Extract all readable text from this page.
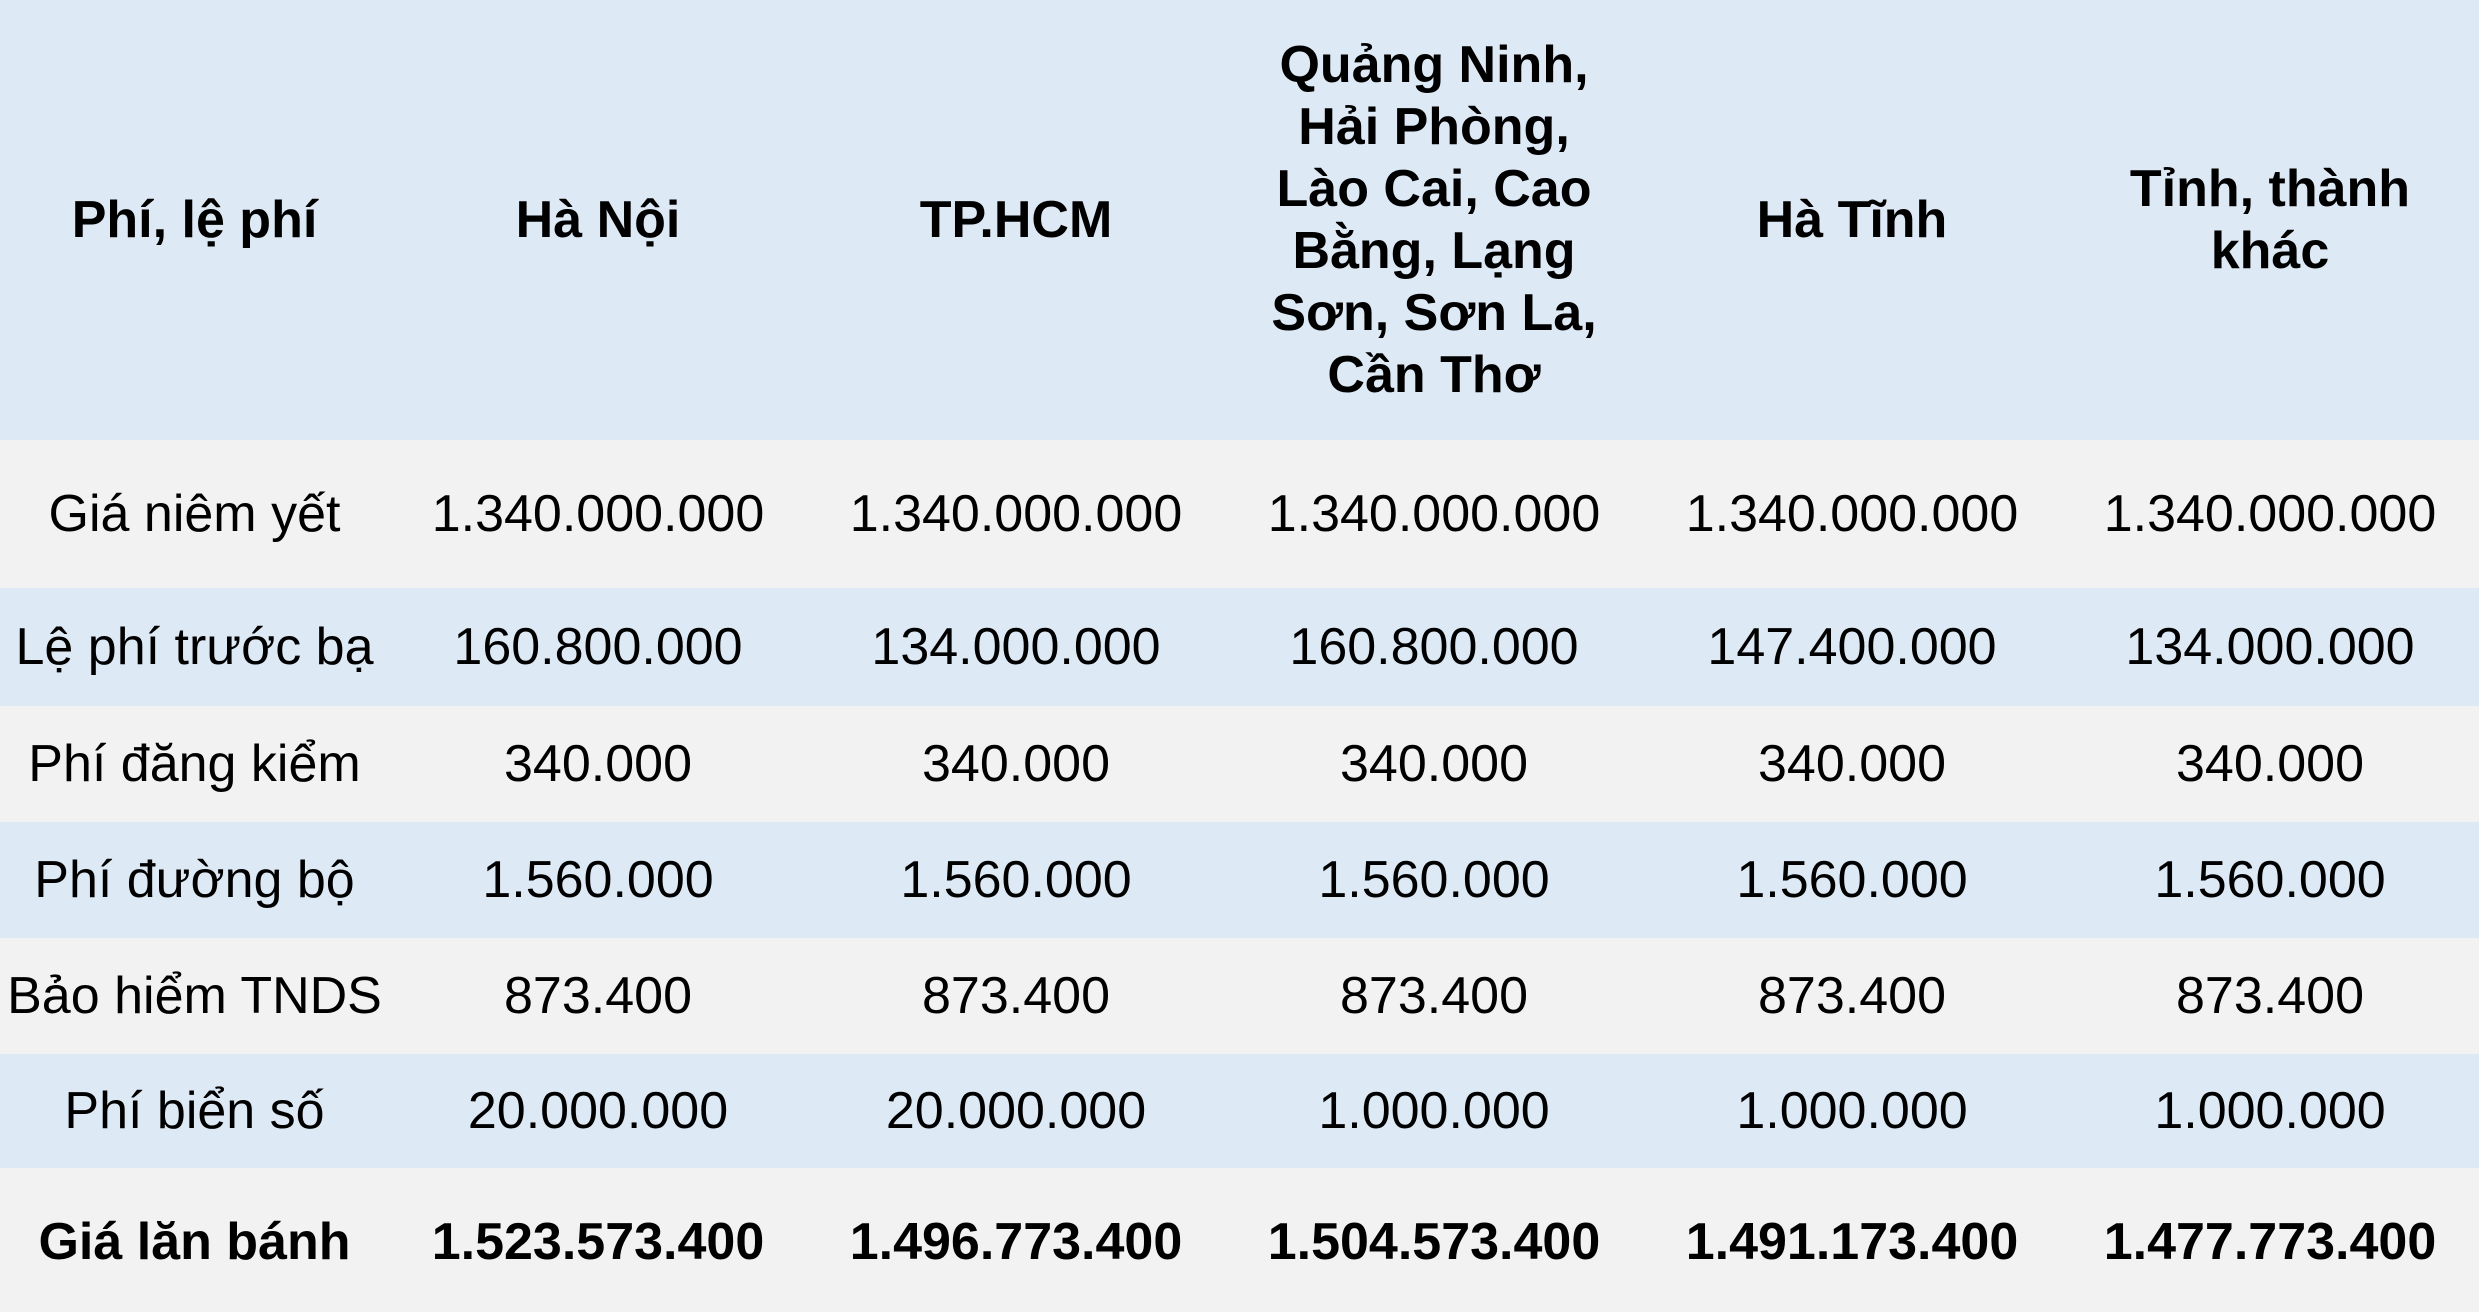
Phí, lệ phí	Hà Nội	TP.HCM	Quảng Ninh, Hải Phòng, Lào Cai, Cao Bằng, Lạng Sơn, Sơn La, Cần Thơ	Hà Tĩnh	Tỉnh, thành khác
Giá niêm yết	1.340.000.000	1.340.000.000	1.340.000.000	1.340.000.000	1.340.000.000
Lệ phí trước bạ	160.800.000	134.000.000	160.800.000	147.400.000	134.000.000
Phí đăng kiểm	340.000	340.000	340.000	340.000	340.000
Phí đường bộ	1.560.000	1.560.000	1.560.000	1.560.000	1.560.000
Bảo hiểm TNDS	873.400	873.400	873.400	873.400	873.400
Phí biển số	20.000.000	20.000.000	1.000.000	1.000.000	1.000.000
Giá lăn bánh	1.523.573.400	1.496.773.400	1.504.573.400	1.491.173.400	1.477.773.400
